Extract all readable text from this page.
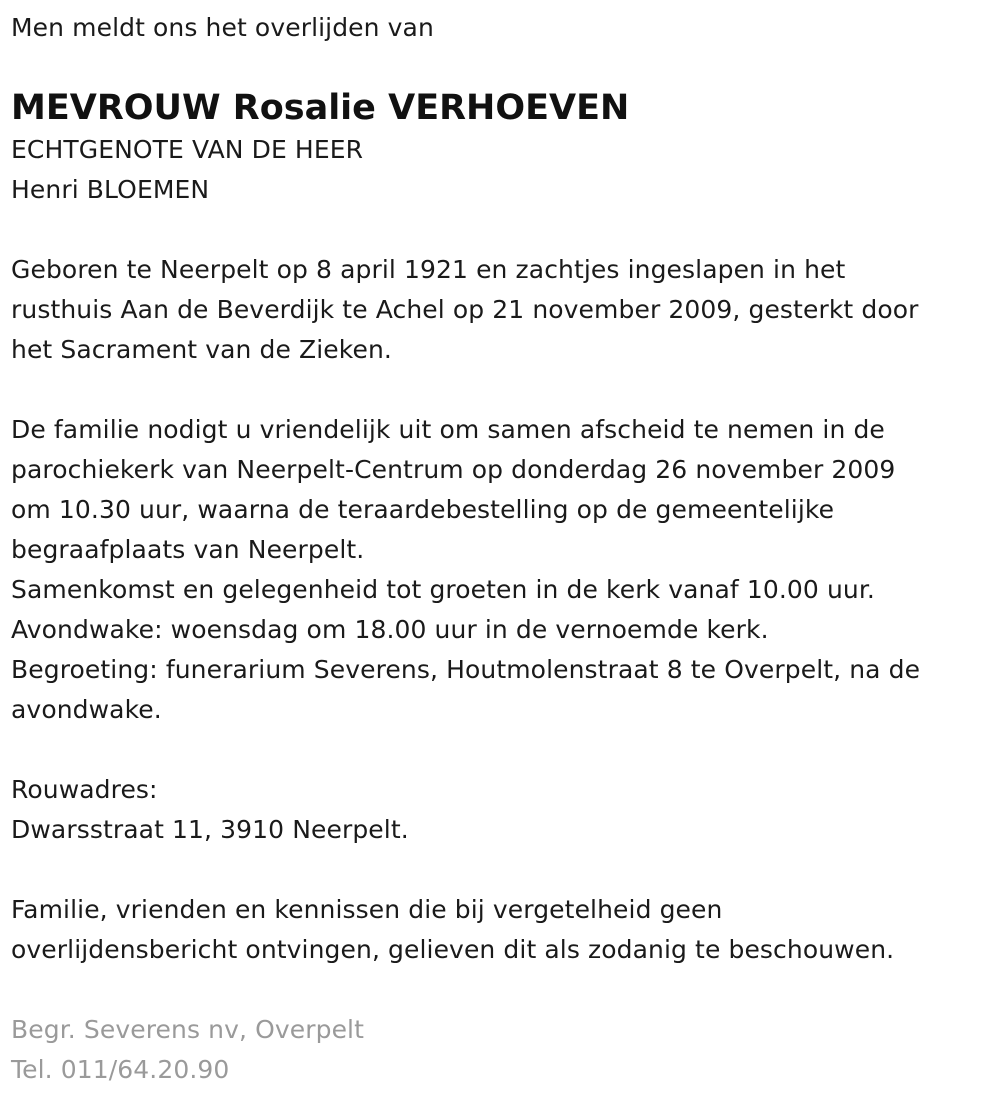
Men meldt ons het overlijden van
MEVROUW Rosalie VERHOEVEN
ECHTGENOTE VAN DE HEER
Henri BLOEMEN
Geboren te Neerpelt op 8 april 1921 en zachtjes ingeslapen in het
rusthuis Aan de Beverdijk te Achel op 21 november 2009, gesterkt door
het Sacrament van de Zieken.
De familie nodigt u vriendelijk uit om samen afscheid te nemen in de
parochiekerk van Neerpelt-Centrum op donderdag 26 november 2009
om 10.30 uur, waarna de teraardebestelling op de gemeentelijke
begraafplaats van Neerpelt.
Samenkomst en gelegenheid tot groeten in de kerk vanaf 10.00 uur.
Avondwake: woensdag om 18.00 uur in de vernoemde kerk.
Begroeting: funerarium Severens, Houtmolenstraat 8 te Overpelt, na de
avondwake.
Rouwadres:
Dwarsstraat 11, 3910 Neerpelt.
Familie, vrienden en kennissen die bij vergetelheid geen
overlijdensbericht ontvingen, gelieven dit als zodanig te beschouwen.
Begr. Severens nv, Overpelt
Tel. 011/64.20.90
